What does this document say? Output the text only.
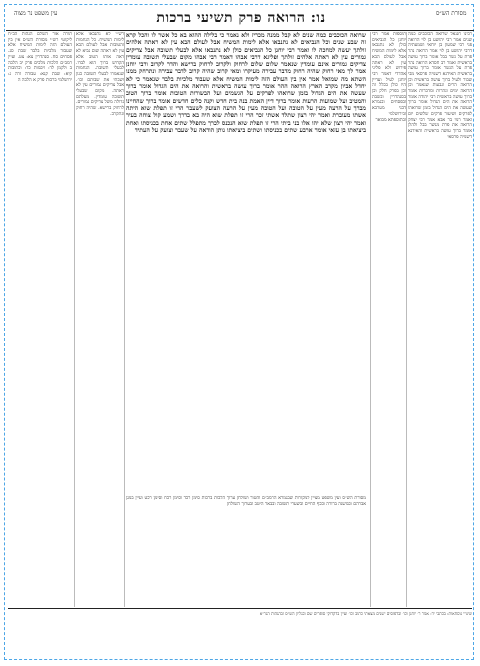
עין משפט נר מצוה	נו: הרואה פרק תשיעי ברכות	מסורת הש״ס
רבינו חננאל שרואה הכוכבים כמה שנים אמר רבי יהושע בן לוי הרואה פני רבי שמעון בן יוחאי ושמעתיה דרבי יהושע בן לוי אמר הרואה נהר פרת על גשר בבל אומר ברוך עושה בראשית ואמר רב חסדא הרואה נהר פרת על הגשר אומר ברוך עושה בראשית האידנא דשנויה פרסאי מבי שבור ולעיל ברוך עושה בראשית וכן הרואה הרים וגבעות שנאמר וכן הרואה ימים ונהרות ומדברות אומר ברוך עושה בראשית רבי יהודה אומר הרואה את הים הגדול אומר ברוך שעשה את הים הגדול בזמן שרואהו לפרקים ושיעור פרקים שלשים יום ואמר רמי בר אבא אמר רבי יצחק הרואה את פרת מגשר בבל ולהלן אומר ברוך עושה בראשית והאידנא דשנויה פרסאי
תוספות אמר רבי יוחנן כל הנביאים כולן לא נתנבאו אלא לימות המשיח אבל לעולם הבא עין לא ראתה פירוש ולא פליגי אהדדי דאמר רבי יוחנן לעיל ועדיין היו כולן בכלל זה וכן בפרק חלק וכן בסנהדרין ובשבת ובפסחים ובגמרא דבני מערבא ובירושלמי ובתוספתא מבואר
שרואה הכוכבים כמה שנים לא קבל ממנה מכריז ולא נאמר כי בלילה ההוא בא כל אשר לו והכל קרא זה שבע שנים וכל הנביאים לא נתנבאו אלא לימות המשיח אבל לעולם הבא עין לא ראתה אלהים זולתך יעשה למחכה לו ואמר רבי יוחנן כל הנביאים כולן לא נתנבאו אלא לבעלי תשובה אבל צדיקים גמורים עין לא ראתה אלהים זולתך ופליגא דרבי אבהו דאמר רבי אבהו מקום שבעלי תשובה עומדין צדיקים גמורים אינם עומדין שנאמר שלום שלום לרחוק ולקרוב לרחוק ברישא והדר לקרוב ורבי יוחנן אמר לך מאי רחוק שהיה רחוק מדבר עבירה מעיקרו ומאי קרוב שהיה קרוב לדבר עבירה ונתרחק ממנו השתא מה שמואל אמר אין בין העולם הזה לימות המשיח אלא שעבוד מלכיות בלבד שנאמר כי לא יחדל אביון מקרב הארץ הרואה ההר אומר ברוך עושה בראשית והרואה את הים הגדול אומר ברוך שעשה את הים הגדול בזמן שרואהו לפרקים על הגשמים ועל הבשורות הטובות אומר ברוך הטוב והמטיב ועל שמועות הרעות אומר ברוך דיין האמת בנה בית חדש וקנה כלים חדשים אומר ברוך שהחיינו מברך על הרעה מעין על הטובה ועל הטובה מעין על הרעה הצועק לשעבר הרי זו תפלת שוא היתה אשתו מעוברת ואמר יהי רצון שתלד אשתי זכר הרי זו תפלת שוא היה בא בדרך ושמע קול צוחה בעיר ואמר יהי רצון שלא יהו אלו בני ביתי הרי זו תפלת שוא הנכנס לכרך מתפלל שתים אחת בכניסתו ואחת ביציאתו בן עזאי אומר ארבע שתים בכניסתו ושתים ביציאתו נותן הודאה על שעבר וצועק על העתיד
מסורת הש״ס ועין משפט מציין למקורות שבגמרא הרמב״ם והטור ושולחן ערוך הלכות ברכות סימן רכד וסימן רכח וסימן רכט ועיין במגן אברהם ובמשנה ברורה ובכף החיים ובשערי תשובה ובבאר היטב ובערוך השולחן
רש״י לא נתנבאו אלא לימות המשיח. כל הנחמות והטובות אבל לעולם הבא עין לא ראתה שום נביא לא ראה אותו הטוב אלא הקדוש ברוך הוא לבדו. לבעלי תשובה. הנחמות שנאמרו לבעלי תשובה כגון ושבתי את שבותם וכו׳. אבל צדיקים גמורים עין לא ראתה. מקום שבעלי תשובה עומדין. מעלתם גדולה משל צדיקים גמורים. לרחוק ברישא. שהיה רחוק ונתקרב.
תורה אור השלם הגהות הב״ח ליקוטי רש״י מסורת הש״ס אין בין העולם הזה לימות המשיח אלא שעבוד מלכיות בלבד שבת סג. פסחים סח. סנהדרין צא: צט. ועיין רמב״ם הלכות מלכים פרק יב הלכה ב ולקמן לד: ויבמות כד: וכתובות קיא: שבת קנא: עבודה זרה ג: ירושלמי ברכות פרק א הלכה ה
שינויי נוסחאות: בכתבי יד: אמר ר׳ יוחנן וכו׳ ובדפוסים ישנים מצאתי כתוב וכו׳ ועיין בדקדוקי סופרים שם ובגליון הש״ס ובהגהות הגר״א
